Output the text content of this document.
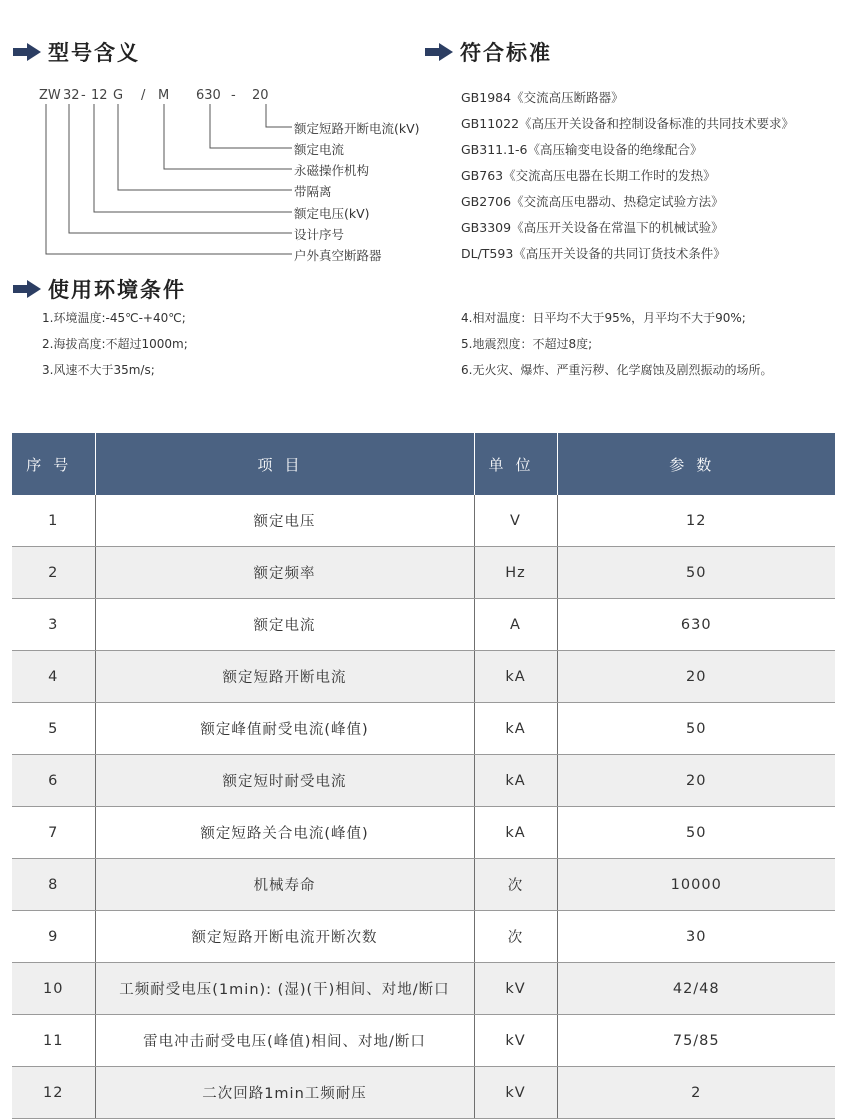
型号含义
ZW 32 - 12 G / M 630 - 20
额定短路开断电流(kV)
额定电流
永磁操作机构
带隔离
额定电压(kV)
设计序号
户外真空断路器
符合标准
GB1984《交流高压断路器》
GB11022《高压开关设备和控制设备标准的共同技术要求》
GB311.1-6《高压输变电设备的绝缘配合》
GB763《交流高压电器在长期工作时的发热》
GB2706《交流高压电器动、热稳定试验方法》
GB3309《高压开关设备在常温下的机械试验》
DL/T593《高压开关设备的共同订货技术条件》
使用环境条件
1.环境温度:-45℃-+40℃;
2.海拔高度:不超过1000m;
3.风速不大于35m/s;
4.相对温度：日平均不大于95%，月平均不大于90%;
5.地震烈度：不超过8度;
6.无火灾、爆炸、严重污秽、化学腐蚀及剧烈振动的场所。
序号	项目	单位	参数
1	额定电压	V	12
2	额定频率	Hz	50
3	额定电流	A	630
4	额定短路开断电流	kA	20
5	额定峰值耐受电流(峰值)	kA	50
6	额定短时耐受电流	kA	20
7	额定短路关合电流(峰值)	kA	50
8	机械寿命	次	10000
9	额定短路开断电流开断次数	次	30
10	工频耐受电压(1min): (湿)(干)相间、对地/断口	kV	42/48
11	雷电冲击耐受电压(峰值)相间、对地/断口	kV	75/85
12	二次回路1min工频耐压	kV	2
